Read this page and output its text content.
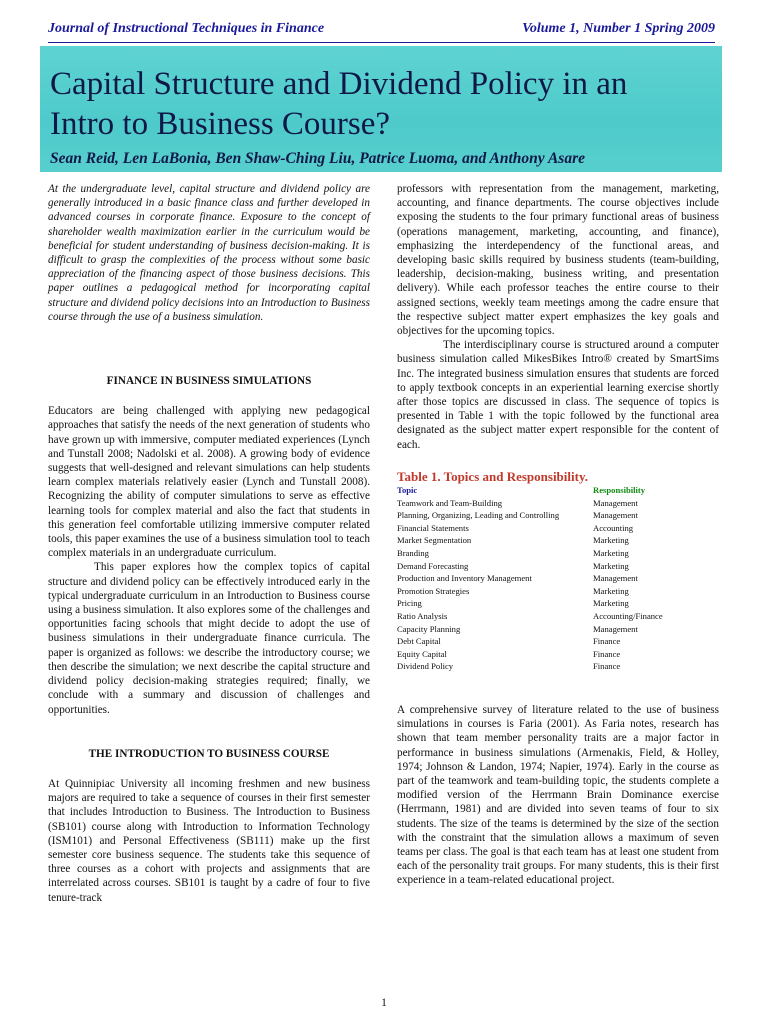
Journal of Instructional Techniques in Finance	Volume 1, Number 1 Spring 2009
Capital Structure and Dividend Policy in an
Intro to Business Course?

Sean Reid, Len LaBonia, Ben Shaw-Ching Liu, Patrice Luoma, and Anthony Asare

At the undergraduate level, capital structure and dividend policy are generally introduced in a basic finance class and further developed in advanced courses in corporate finance. Exposure to the concept of shareholder wealth maximization earlier in the curriculum would be beneficial for student understanding of business decision-making. It is difficult to grasp the complexities of the process without some basic appreciation of the financing aspect of those business decisions. This paper outlines a pedagogical method for incorporating capital structure and dividend policy decisions into an Introduction to Business course through the use of a business simulation.

FINANCE IN BUSINESS SIMULATIONS

Educators are being challenged with applying new pedagogical approaches that satisfy the needs of the next generation of students who have grown up with immersive, computer mediated experiences (Lynch and Tunstall 2008; Nadolski et al. 2008). A growing body of evidence suggests that well-designed and relevant simulations can help students learn complex materials relatively easier (Lynch and Tunstall 2008). Recognizing the ability of computer simulations to serve as effective learning tools for complex material and also the fact that students in this generation feel comfortable utilizing immersive computer related tools, this paper examines the use of a business simulation tool to teach complex materials in an undergraduate curriculum.

This paper explores how the complex topics of capital structure and dividend policy can be effectively introduced early in the typical undergraduate curriculum in an Introduction to Business course using a business simulation. It also explores some of the challenges and opportunities facing schools that might decide to adopt the use of business simulations in their undergraduate finance curricula. The paper is organized as follows: we describe the introductory course; we then describe the simulation; we next describe the capital structure and dividend policy decision-making strategies required; finally, we conclude with a summary and discussion of challenges and opportunities.

THE INTRODUCTION TO BUSINESS COURSE

At Quinnipiac University all incoming freshmen and new business majors are required to take a sequence of courses in their first semester that includes Introduction to Business. The Introduction to Business (SB101) course along with Introduction to Information Technology (ISM101) and Personal Effectiveness (SB111) make up the first semester core business sequence. The students take this sequence of three courses as a cohort with projects and assignments that are interrelated across courses. SB101 is taught by a cadre of four to five tenure-track

professors with representation from the management, marketing, accounting, and finance departments. The course objectives include exposing the students to the four primary functional areas of business (operations management, marketing, accounting, and finance), emphasizing the interdependency of the functional areas, and developing basic skills required by business students (team-building, leadership, decision-making, business writing, and presentation delivery). While each professor teaches the entire course to their assigned sections, weekly team meetings among the cadre ensure that the respective subject matter expert emphasizes the key goals and objectives for the upcoming topics.

The interdisciplinary course is structured around a computer business simulation called MikesBikes Intro® created by SmartSims Inc. The integrated business simulation ensures that students are forced to apply textbook concepts in an experiential learning exercise shortly after those topics are discussed in class. The sequence of topics is presented in Table 1 with the topic followed by the functional area designated as the subject matter expert responsible for the content of each.

Table 1. Topics and Responsibility.

Topic	Responsibility
Teamwork and Team-Building	Management
Planning, Organizing, Leading and Controlling	Management
Financial Statements	Accounting
Market Segmentation	Marketing
Branding	Marketing
Demand Forecasting	Marketing
Production and Inventory Management	Management
Promotion Strategies	Marketing
Pricing	Marketing
Ratio Analysis	Accounting/Finance
Capacity Planning	Management
Debt Capital	Finance
Equity Capital	Finance
Dividend Policy	Finance

A comprehensive survey of literature related to the use of business simulations in courses is Faria (2001). As Faria notes, research has shown that team member personality traits are a major factor in performance in business simulations (Armenakis, Field, & Holley, 1974; Johnson & Landon, 1974; Napier, 1974). Early in the course as part of the teamwork and team-building topic, the students complete a modified version of the Herrmann Brain Dominance exercise (Herrmann, 1981) and are divided into seven teams of four to six students. The size of the teams is determined by the size of the section with the constraint that the simulation allows a maximum of seven teams per class. The goal is that each team has at least one student from each of the personality trait groups. For many students, this is their first experience in a team-related educational project.

1
